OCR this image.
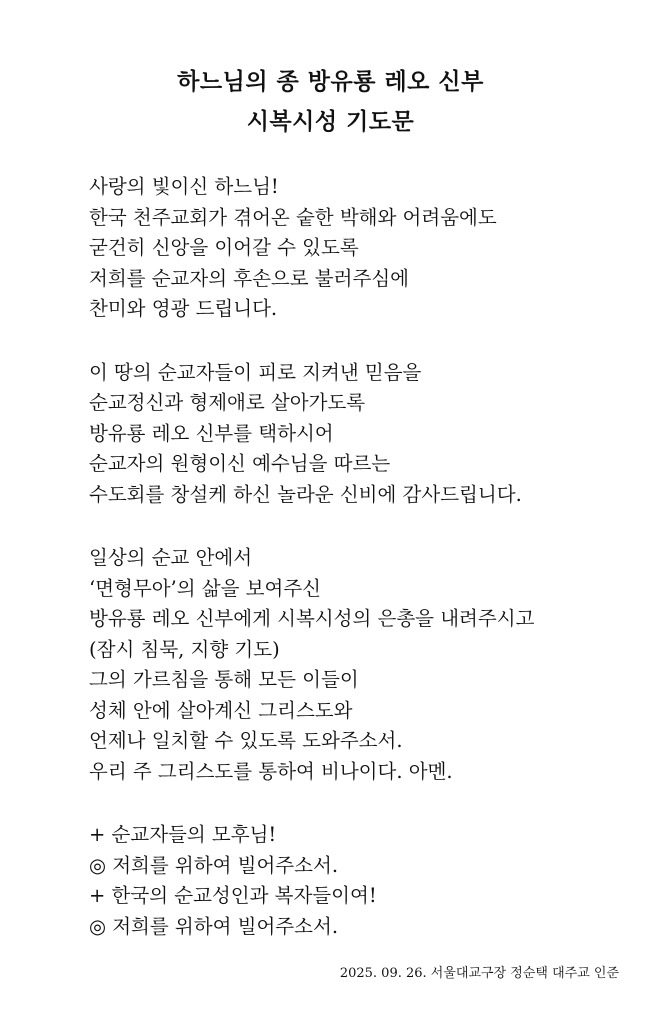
하느님의 종 방유룡 레오 신부
시복시성 기도문
사랑의 빛이신 하느님!
한국 천주교회가 겪어온 숱한 박해와 어려움에도
굳건히 신앙을 이어갈 수 있도록
저희를 순교자의 후손으로 불러주심에
찬미와 영광 드립니다.
이 땅의 순교자들이 피로 지켜낸 믿음을
순교정신과 형제애로 살아가도록
방유룡 레오 신부를 택하시어
순교자의 원형이신 예수님을 따르는
수도회를 창설케 하신 놀라운 신비에 감사드립니다.
일상의 순교 안에서
‘면형무아’의 삶을 보여주신
방유룡 레오 신부에게 시복시성의 은총을 내려주시고
(잠시 침묵, 지향 기도)
그의 가르침을 통해 모든 이들이
성체 안에 살아계신 그리스도와
언제나 일치할 수 있도록 도와주소서.
우리 주 그리스도를 통하여 비나이다. 아멘.
+ 순교자들의 모후님!
◎ 저희를 위하여 빌어주소서.
+ 한국의 순교성인과 복자들이여!
◎ 저희를 위하여 빌어주소서.
2025. 09. 26. 서울대교구장 정순택 대주교 인준
